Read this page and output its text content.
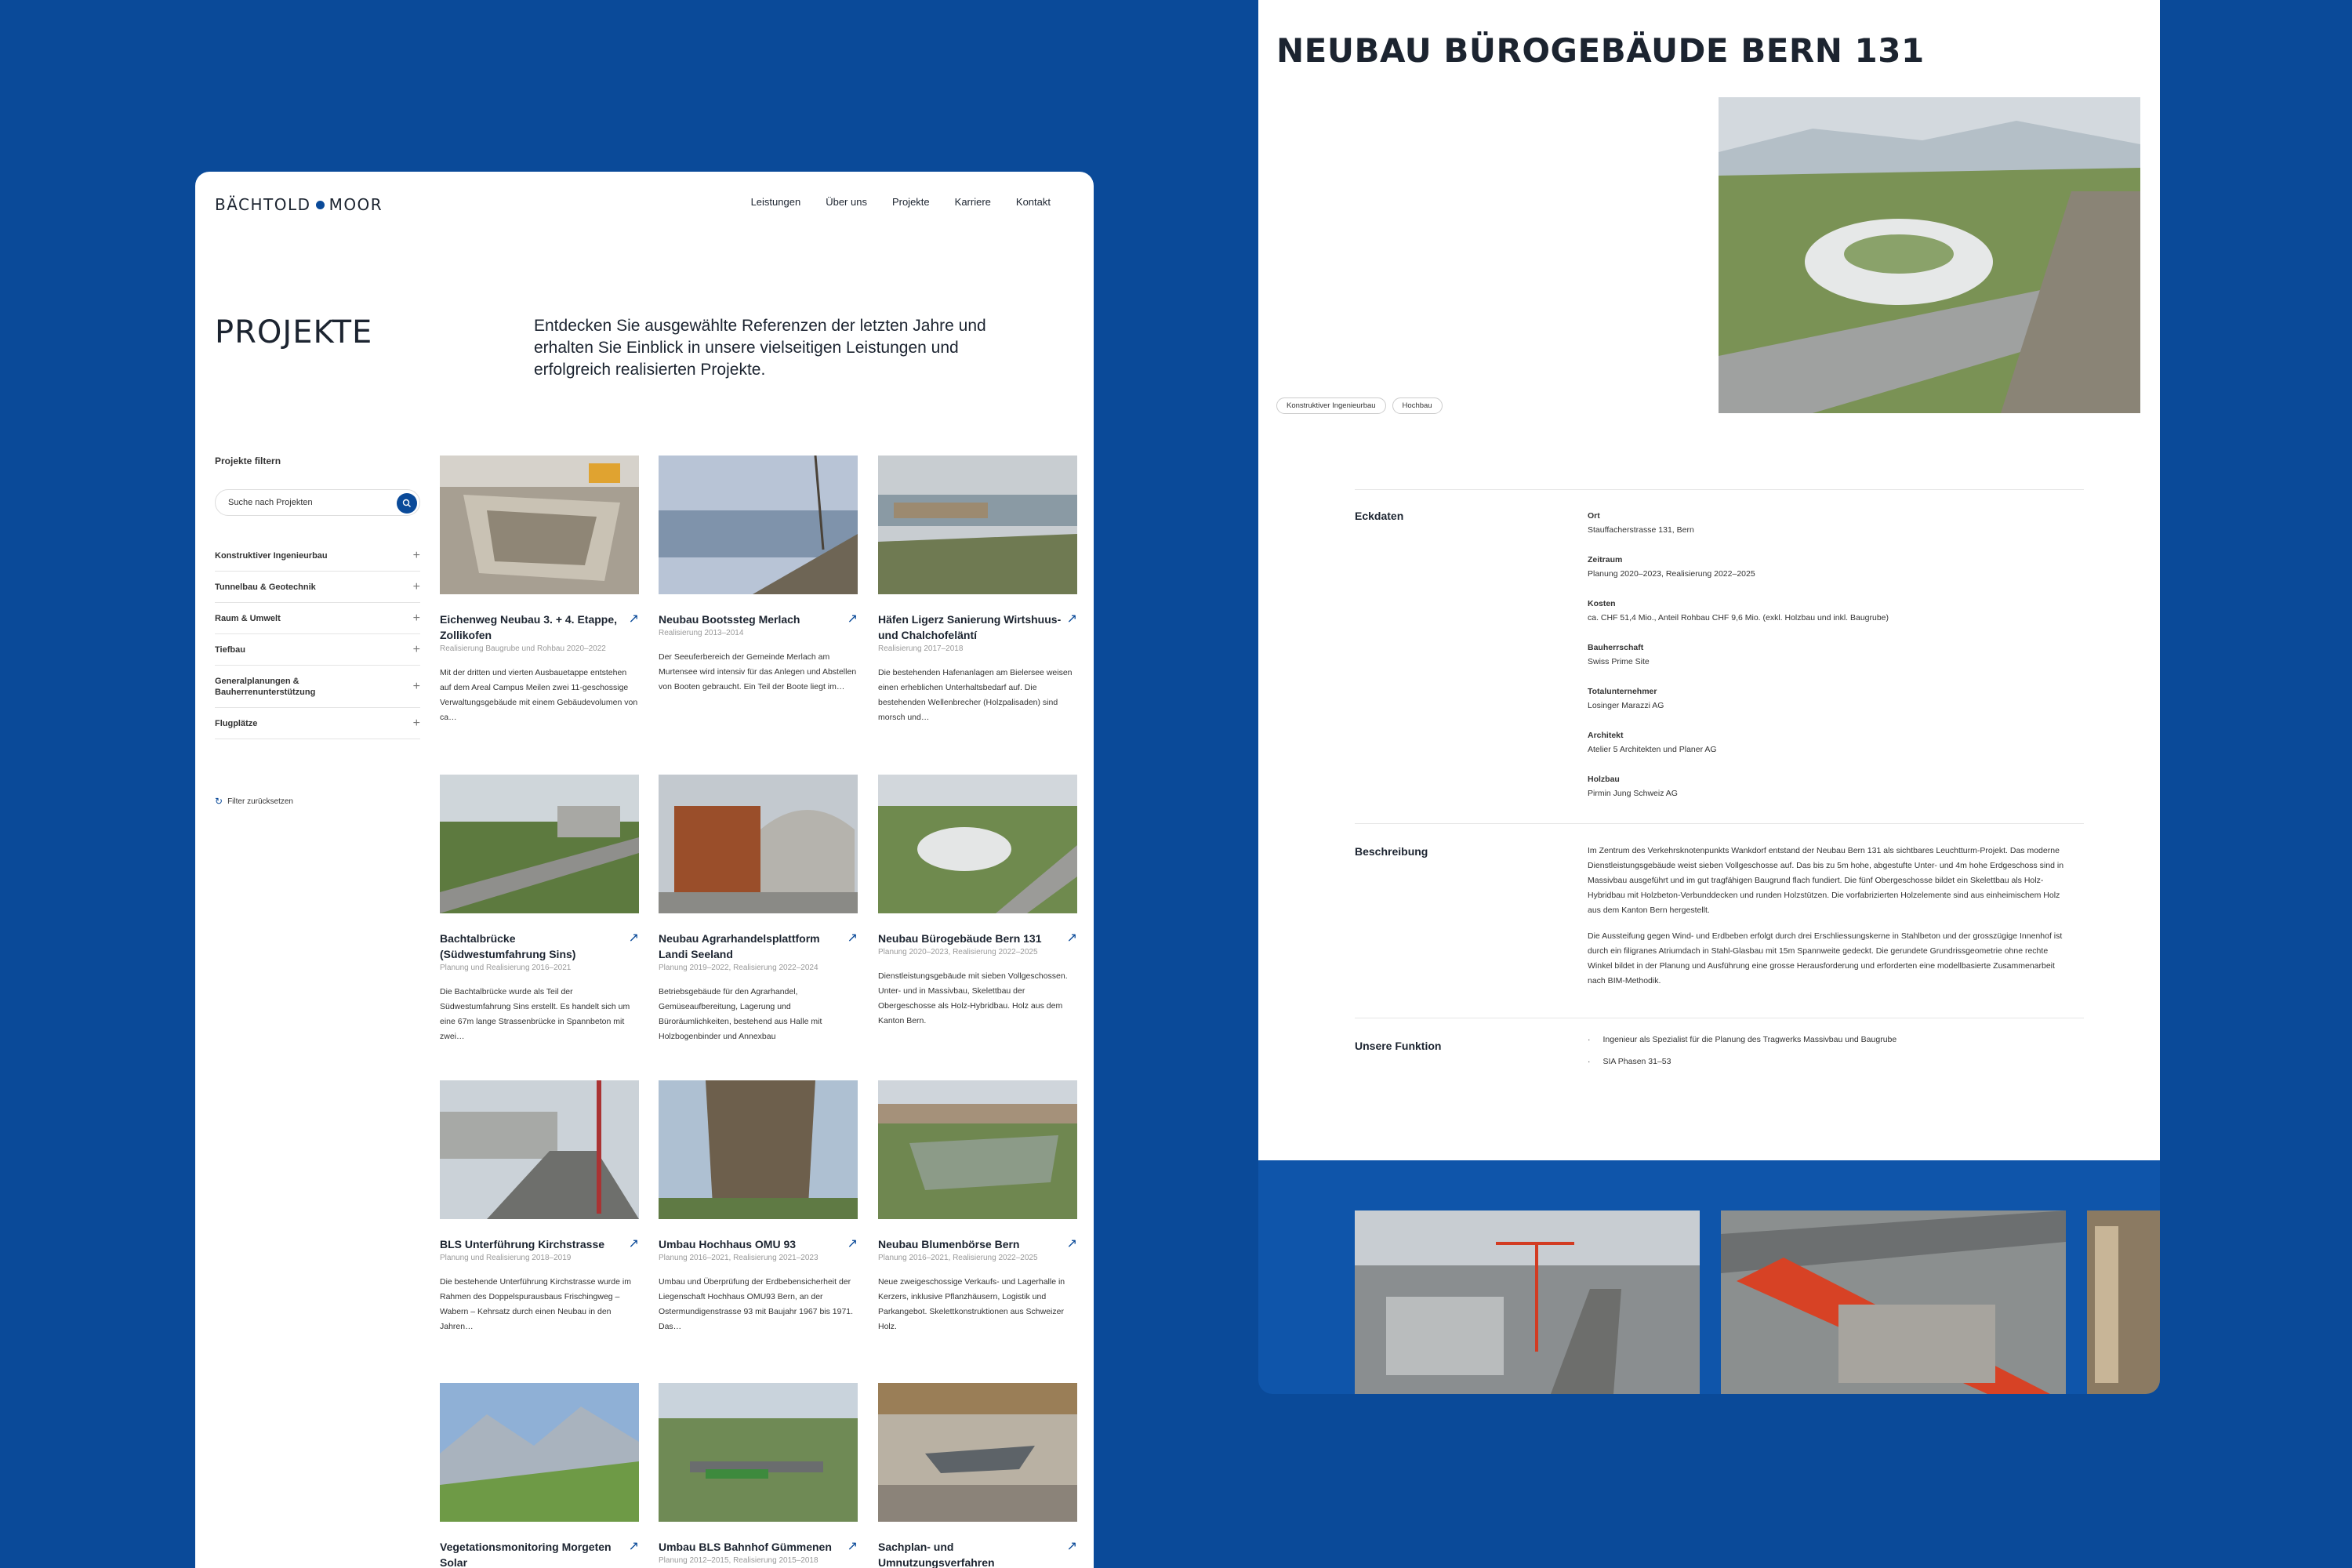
BÄCHTOLD MOOR	Leistungen Über uns Projekte Karriere Kontakt
PROJEKTE	Entdecken Sie ausgewählte Referenzen der letzten Jahre und erhalten Sie Einblick in unsere vielseitigen Leistungen und erfolgreich realisierten Projekte.

Projekte filtern
Suche nach Projekten
Konstruktiver Ingenieurbau	+
Tunnelbau & Geotechnik	+
Raum & Umwelt	+
Tiefbau	+
Generalplanungen & Bauherrenunterstützung	+
Flugplätze	+
↻ Filter zurücksetzen
Eichenweg Neubau 3. + 4. Etappe, Zollikofen
↗
Realisierung Baugrube und Rohbau 2020–2022
Mit der dritten und vierten Ausbauetappe entstehen auf dem Areal Campus Meilen zwei 11-geschossige Verwaltungsgebäude mit einem Gebäudevolumen von ca…
Neubau Bootssteg Merlach	↗
Realisierung 2013–2014
Der Seeuferbereich der Gemeinde Merlach am Murtensee wird intensiv für das Anlegen und Abstellen von Booten gebraucht. Ein Teil der Boote liegt im…
Häfen Ligerz Sanierung Wirtshuus- und Chalchofeläntí
↗
Realisierung 2017–2018
Die bestehenden Hafenanlagen am Bielersee weisen einen erheblichen Unterhaltsbedarf auf. Die bestehenden Wellenbrecher (Holzpalisaden) sind morsch und…
Bachtalbrücke (Südwestumfahrung Sins)
↗
Planung und Realisierung 2016–2021
Die Bachtalbrücke wurde als Teil der Südwestumfahrung Sins erstellt. Es handelt sich um eine 67m lange Strassenbrücke in Spannbeton mit zwei…
Neubau Agrarhandelsplattform Landi Seeland
↗
Planung 2019–2022, Realisierung 2022–2024
Betriebsgebäude für den Agrarhandel, Gemüseaufbereitung, Lagerung und Büroräumlichkeiten, bestehend aus Halle mit Holzbogenbinder und Annexbau
Neubau Bürogebäude Bern 131 ↗
Planung 2020–2023, Realisierung 2022–2025
Dienstleistungsgebäude mit sieben Vollgeschossen. Unter- und in Massivbau, Skelettbau der Obergeschosse als Holz-Hybridbau. Holz aus dem Kanton Bern.
BLS Unterführung Kirchstrasse ↗
Planung und Realisierung 2018–2019
Die bestehende Unterführung Kirchstrasse wurde im Rahmen des Doppelspurausbaus Frischingweg – Wabern – Kehrsatz durch einen Neubau in den Jahren…
Umbau Hochhaus OMU 93	↗
Planung 2016–2021, Realisierung 2021–2023
Umbau und Überprüfung der Erdbebensicherheit der Liegenschaft Hochhaus OMU93 Bern, an der Ostermundigenstrasse 93 mit Baujahr 1967 bis 1971. Das…
Neubau Blumenbörse Bern	↗
Planung 2016–2021, Realisierung 2022–2025
Neue zweigeschossige Verkaufs- und Lagerhalle in Kerzers, inklusive Pflanzhäusern, Logistik und Parkangebot. Skelettkonstruktionen aus Schweizer Holz.
Vegetationsmonitoring Morgeten Solar
↗ Umbau BLS Bahnhof Gümmenen ↗
Planung 2012–2015, Realisierung 2015–2018
Sachplan- und Umnutzungsverfahren
↗
NEUBAU BÜROGEBÄUDE BERN 131
Konstruktiver Ingenieurbau	Hochbau
Eckdaten	Ort
Stauffacherstrasse 131, Bern
Zeitraum
Planung 2020–2023, Realisierung 2022–2025
Kosten
ca. CHF 51,4 Mio., Anteil Rohbau CHF 9,6 Mio. (exkl. Holzbau und inkl. Baugrube)
Bauherrschaft
Swiss Prime Site
Totalunternehmer
Losinger Marazzi AG
Architekt
Atelier 5 Architekten und Planer AG
Holzbau
Pirmin Jung Schweiz AG
Beschreibung	Im Zentrum des Verkehrsknotenpunkts Wankdorf entstand der Neubau Bern 131 als sichtbares Leuchtturm-Projekt. Das moderne Dienstleistungsgebäude weist sieben Vollgeschosse auf. Das bis zu 5m hohe, abgestufte Unter- und 4m hohe Erdgeschoss sind in Massivbau ausgeführt und im gut tragfähigen Baugrund flach fundiert. Die fünf Obergeschosse bildet ein Skelettbau als Holz-Hybridbau mit Holzbeton-Verbunddecken und runden Holzstützen. Die vorfabrizierten Holzelemente sind aus einheimischem Holz aus dem Kanton Bern hergestellt.

Die Aussteifung gegen Wind- und Erdbeben erfolgt durch drei Erschliessungskerne in Stahlbeton und der grosszügige Innenhof ist durch ein filigranes Atriumdach in Stahl-Glasbau mit 15m Spannweite gedeckt. Die gerundete Grundrissgeometrie ohne rechte Winkel bildet in der Planung und Ausführung eine grosse Herausforderung und erforderten eine modellbasierte Zusammenarbeit nach BIM-Methodik.

Unsere Funktion	· Ingenieur als Spezialist für die Planung des Tragwerks Massivbau und Baugrube
· SIA Phasen 31–53
